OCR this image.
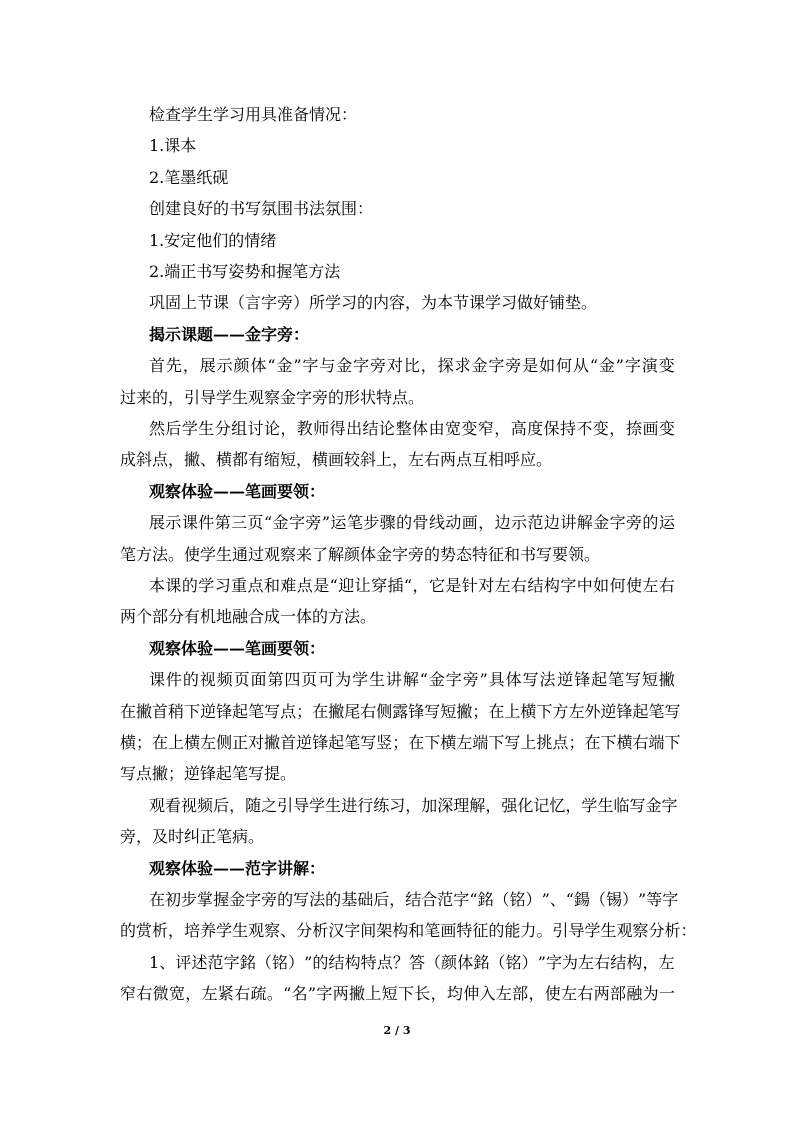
检查学生学习用具准备情况：
1.课本
2.笔墨纸砚
创建良好的书写氛围书法氛围：
1.安定他们的情绪
2.端正书写姿势和握笔方法
巩固上节课（言字旁）所学习的内容，为本节课学习做好铺垫。
揭示课题——金字旁：
首 先 ， 展 示 颜 体 “ 金 ” 字 与 金 字 旁 对 比 ， 探 求 金 字 旁 是 如 何 从 “ 金 ” 字 演 变
过来的，引导学生观察金字旁的形状特点。
然 后 学 生 分 组 讨 论 ， 教 师 得 出 结 论 整 体 由 宽 变 窄 ， 高 度 保 持 不 变 ， 捺 画 变
成斜点，撇、横都有缩短，横画较斜上，左右两点互相呼应。
观察体验——笔画要领：
展 示 课 件 第 三 页 “ 金 字 旁 ” 运 笔 步 骤 的 骨 线 动 画 ， 边 示 范 边 讲 解 金 字 旁 的 运
笔方法。使学生通过观察来了解颜体金字旁的势态特征和书写要领。
本 课 的 学 习 重 点 和 难 点 是 “ 迎 让 穿 插 “ ， 它 是 针 对 左 右 结 构 字 中 如 何 使 左 右
两个部分有机地融合成一体的方法。
观察体验——笔画要领：
课 件 的 视 频 页 面 第 四 页 可 为 学 生 讲 解 “ 金 字 旁 ” 具 体 写 法 逆 锋 起 笔 写 短 撇
在 撇 首 稍 下 逆 锋 起 笔 写 点 ； 在 撇 尾 右 侧 露 锋 写 短 撇 ； 在 上 横 下 方 左 外 逆 锋 起 笔 写
横 ； 在 上 横 左 侧 正 对 撇 首 逆 锋 起 笔 写 竖 ； 在 下 横 左 端 下 写 上 挑 点 ； 在 下 横 右 端 下
写点撇；逆锋起笔写提。
观 看 视 频 后 ， 随 之 引 导 学 生 进 行 练 习 ， 加 深 理 解 ， 强 化 记 忆 ， 学 生 临 写 金 字
旁，及时纠正笔病。
观察体验——范字讲解：
在 初 步 掌 握 金 字 旁 的 写 法 的 基 础 后 ， 结 合 范 字 “ 銘 （ 铭 ） ” 、 “ 鍚 （ 锡 ） ” 等 字
的 赏 析 ， 培 养 学 生 观 察 、 分 析 汉 字 间 架 构 和 笔 画 特 征 的 能 力 。 引 导 学 生 观 察 分 析 ：
1 、 评 述 范 字 銘 （ 铭 ） ” 的 结 构 特 点 ？ 答 （ 颜 体 銘 （ 铭 ） ” 字 为 左 右 结 构 ， 左
窄 右 微 宽 ， 左 紧 右 疏 。 “ 名 ” 字 两 撇 上 短 下 长 ， 均 伸 入 左 部 ， 使 左 右 两 部 融 为 一
2 / 3
